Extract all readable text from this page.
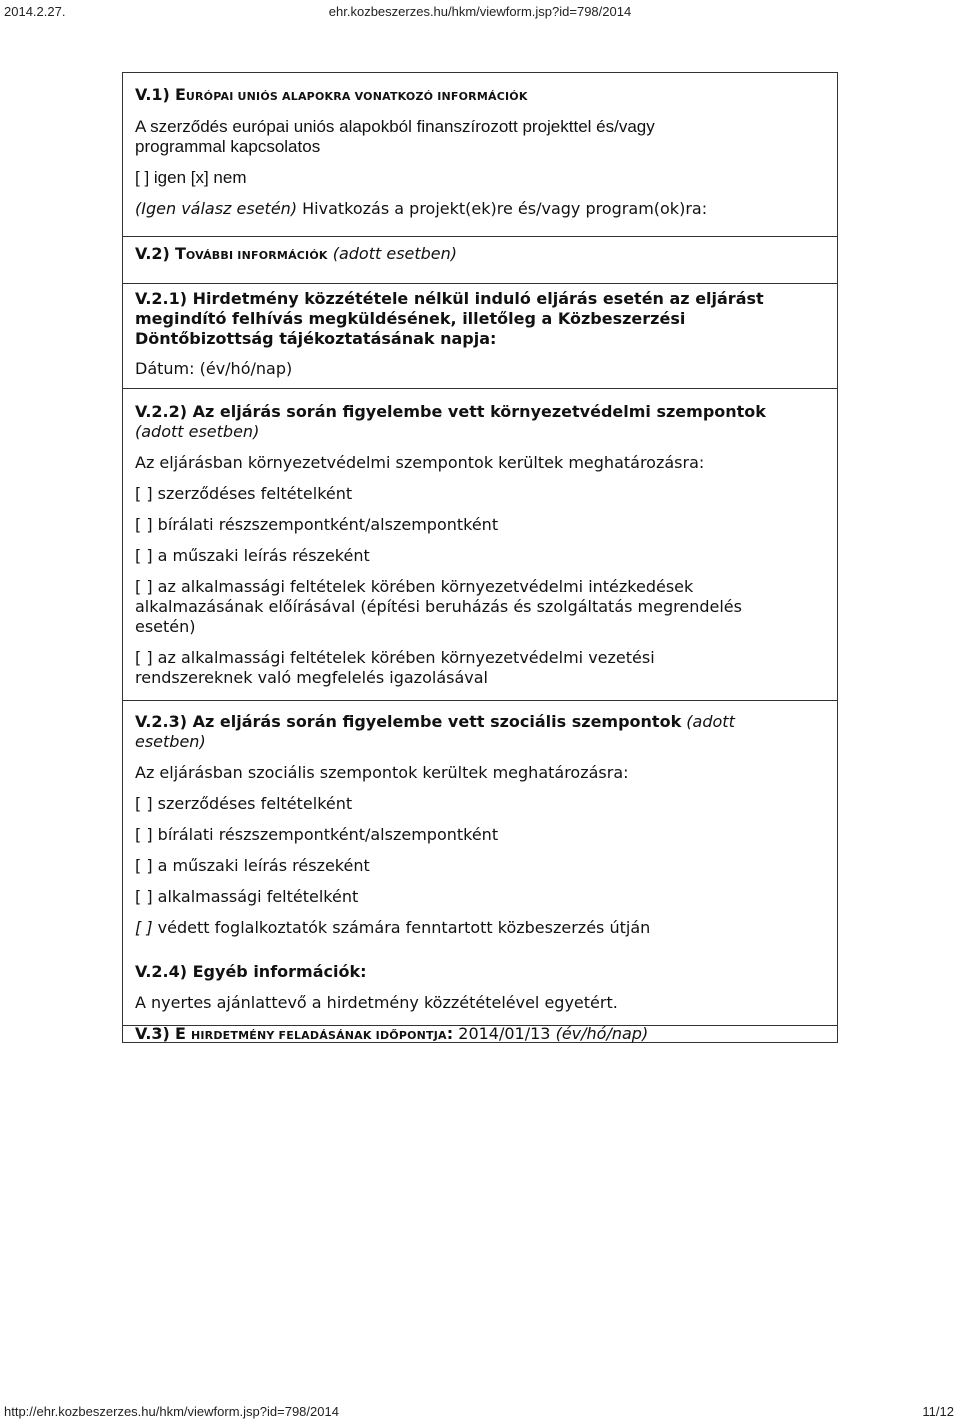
2014.2.27.	ehr.kozbeszerzes.hu/hkm/viewform.jsp?id=798/2014
V.1) EURÓPAI UNIÓS ALAPOKRA VONATKOZÓ INFORMÁCIÓK
A szerződés európai uniós alapokból finanszírozott projekttel és/vagy
programmal kapcsolatos
[ ] igen [x] nem
(Igen válasz esetén) Hivatkozás a projekt(ek)re és/vagy program(ok)ra:
V.2) TOVÁBBI INFORMÁCIÓK (adott esetben)
V.2.1) Hirdetmény közzététele nélkül induló eljárás esetén az eljárást
megindító felhívás megküldésének, illetőleg a Közbeszerzési
Döntőbizottság tájékoztatásának napja:
Dátum: (év/hó/nap)
V.2.2) Az eljárás során figyelembe vett környezetvédelmi szempontok
(adott esetben)
Az eljárásban környezetvédelmi szempontok kerültek meghatározásra:
[ ] szerződéses feltételként
[ ] bírálati részszempontként/alszempontként
[ ] a műszaki leírás részeként
[ ] az alkalmassági feltételek körében környezetvédelmi intézkedések
alkalmazásának előírásával (építési beruházás és szolgáltatás megrendelés
esetén)
[ ] az alkalmassági feltételek körében környezetvédelmi vezetési
rendszereknek való megfelelés igazolásával
V.2.3) Az eljárás során figyelembe vett szociális szempontok (adott
esetben)
Az eljárásban szociális szempontok kerültek meghatározásra:
[ ] szerződéses feltételként
[ ] bírálati részszempontként/alszempontként
[ ] a műszaki leírás részeként
[ ] alkalmassági feltételként
[ ] védett foglalkoztatók számára fenntartott közbeszerzés útján
V.2.4) Egyéb információk:
A nyertes ajánlattevő a hirdetmény közzétételével egyetért.
V.3) E HIRDETMÉNY FELADÁSÁNAK IDŐPONTJA: 2014/01/13 (év/hó/nap)
http://ehr.kozbeszerzes.hu/hkm/viewform.jsp?id=798/2014	11/12
